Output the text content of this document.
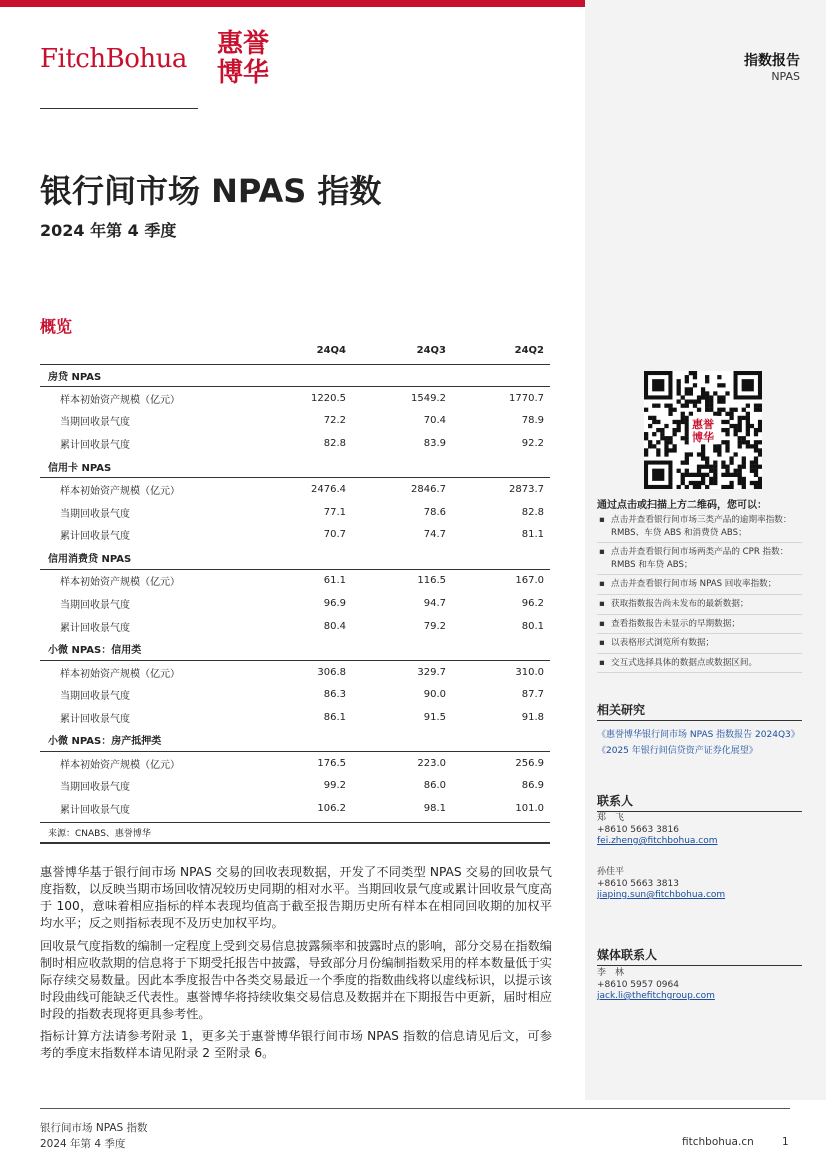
FitchBohua 惠誉
博华	指数报告
NPAS
银行间市场 NPAS 指数
2024 年第 4 季度
概览
	24Q4	24Q3	24Q2
房贷 NPAS			
样本初始资产规模（亿元）	1220.5	1549.2	1770.7
当期回收景气度	72.2	70.4	78.9
累计回收景气度	82.8	83.9	92.2
信用卡 NPAS			
样本初始资产规模（亿元）	2476.4	2846.7	2873.7
当期回收景气度	77.1	78.6	82.8
累计回收景气度	70.7	74.7	81.1
信用消费贷 NPAS			
样本初始资产规模（亿元）	61.1	116.5	167.0
当期回收景气度	96.9	94.7	96.2
累计回收景气度	80.4	79.2	80.1
小微 NPAS：信用类			
样本初始资产规模（亿元）	306.8	329.7	310.0
当期回收景气度	86.3	90.0	87.7
累计回收景气度	86.1	91.5	91.8
小微 NPAS：房产抵押类			
样本初始资产规模（亿元）	176.5	223.0	256.9
当期回收景气度	99.2	86.0	86.9
累计回收景气度	106.2	98.1	101.0
来源：CNABS、惠誉博华

惠誉博华基于银行间市场 NPAS 交易的回收表现数据，开发了不同类型 NPAS 交易的回收景气度指数，以反映当期市场回收情况较历史同期的相对水平。当期回收景气度或累计回收景气度高于 100，意味着相应指标的样本表现均值高于截至报告期历史所有样本在相同回收期的加权平均水平；反之则指标表现不及历史加权平均。

回收景气度指数的编制一定程度上受到交易信息披露频率和披露时点的影响，部分交易在指数编制时相应收款期的信息将于下期受托报告中披露，导致部分月份编制指数采用的样本数量低于实际存续交易数量。因此本季度报告中各类交易最近一个季度的指数曲线将以虚线标识，以提示该时段曲线可能缺乏代表性。惠誉博华将持续收集交易信息及数据并在下期报告中更新，届时相应时段的指数表现将更具参考性。

指标计算方法请参考附录 1，更多关于惠誉博华银行间市场 NPAS 指数的信息请见后文，可参考的季度末指数样本请见附录 2 至附录 6。

惠誉
博华
通过点击或扫描上方二维码，您可以：
▪ 点击并查看银行间市场三类产品的逾期率指数：RMBS、车贷 ABS 和消费贷 ABS；
▪ 点击并查看银行间市场两类产品的 CPR 指数：RMBS 和车贷 ABS；
▪ 点击并查看银行间市场 NPAS 回收率指数；
▪ 获取指数报告尚未发布的最新数据；
▪ 查看指数报告未显示的早期数据；
▪ 以表格形式浏览所有数据；
▪ 交互式选择具体的数据点或数据区间。
相关研究
《惠誉博华银行间市场 NPAS 指数报告 2024Q3》
《2025 年银行间信贷资产证券化展望》
联系人
郑　飞
+8610 5663 3816
fei.zheng@fitchbohua.com
孙佳平
+8610 5663 3813
jiaping.sun@fitchbohua.com
媒体联系人
李　林
+8610 5957 0964
jack.li@thefitchgroup.com
银行间市场 NPAS 指数
2024 年第 4 季度	fitchbohua.cn	1
